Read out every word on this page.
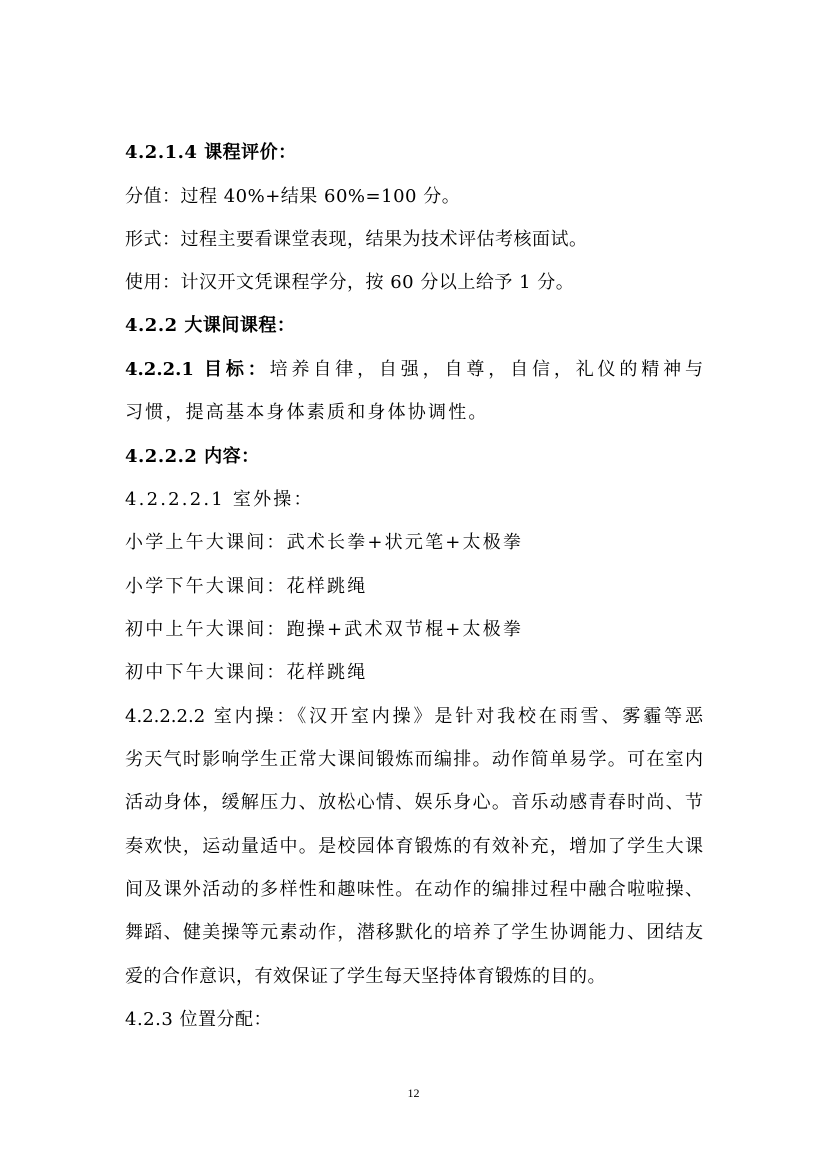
4.2.1.4 课程评价：
分值：过程 40%+结果 60%=100 分。
形式：过程主要看课堂表现，结果为技术评估考核面试。
使用：计汉开文凭课程学分，按 60 分以上给予 1 分。
4.2.2 大课间课程：
4.2.2.1 目标：培养自律，自强，自尊，自信，礼仪的精神与
习惯，提高基本身体素质和身体协调性。
4.2.2.2 内容：
4.2.2.2.1 室外操：
小学上午大课间：武术长拳+状元笔+太极拳
小学下午大课间：花样跳绳
初中上午大课间：跑操+武术双节棍+太极拳
初中下午大课间：花样跳绳
4.2.2.2.2 室内操：《汉开室内操》是针对我校在雨雪、雾霾等恶
劣天气时影响学生正常大课间锻炼而编排。动作简单易学。可在室内
活动身体，缓解压力、放松心情、娱乐身心。音乐动感青春时尚、节
奏欢快，运动量适中。是校园体育锻炼的有效补充，增加了学生大课
间及课外活动的多样性和趣味性。在动作的编排过程中融合啦啦操、
舞蹈、健美操等元素动作，潜移默化的培养了学生协调能力、团结友
爱的合作意识，有效保证了学生每天坚持体育锻炼的目的。
4.2.3 位置分配：
12
